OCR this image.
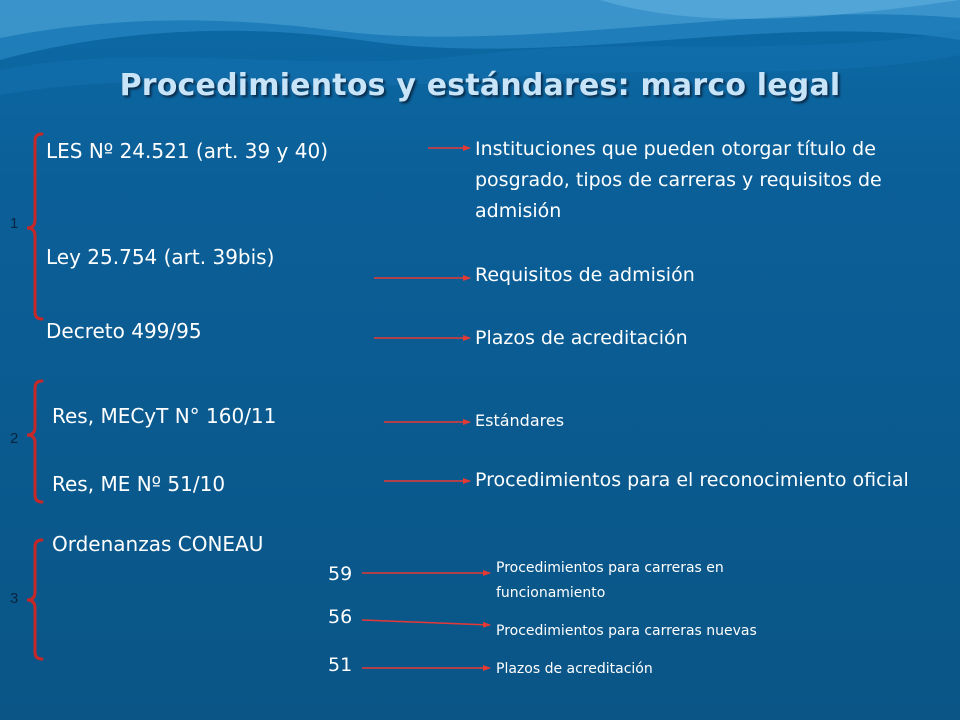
Procedimientos y estándares: marco legal
LES Nº 24.521 (art. 39 y 40)
Ley 25.754 (art. 39bis)
Decreto 499/95
Res, MECyT N° 160/11
Res, ME Nº 51/10
Ordenanzas CONEAU
59
56
51
Instituciones que pueden otorgar título de posgrado, tipos de carreras y requisitos de admisión
Requisitos de admisión
Plazos de acreditación
Estándares
Procedimientos para el reconocimiento oficial
Procedimientos para carreras en funcionamiento
Procedimientos para carreras nuevas
Plazos de acreditación
1
2
3
